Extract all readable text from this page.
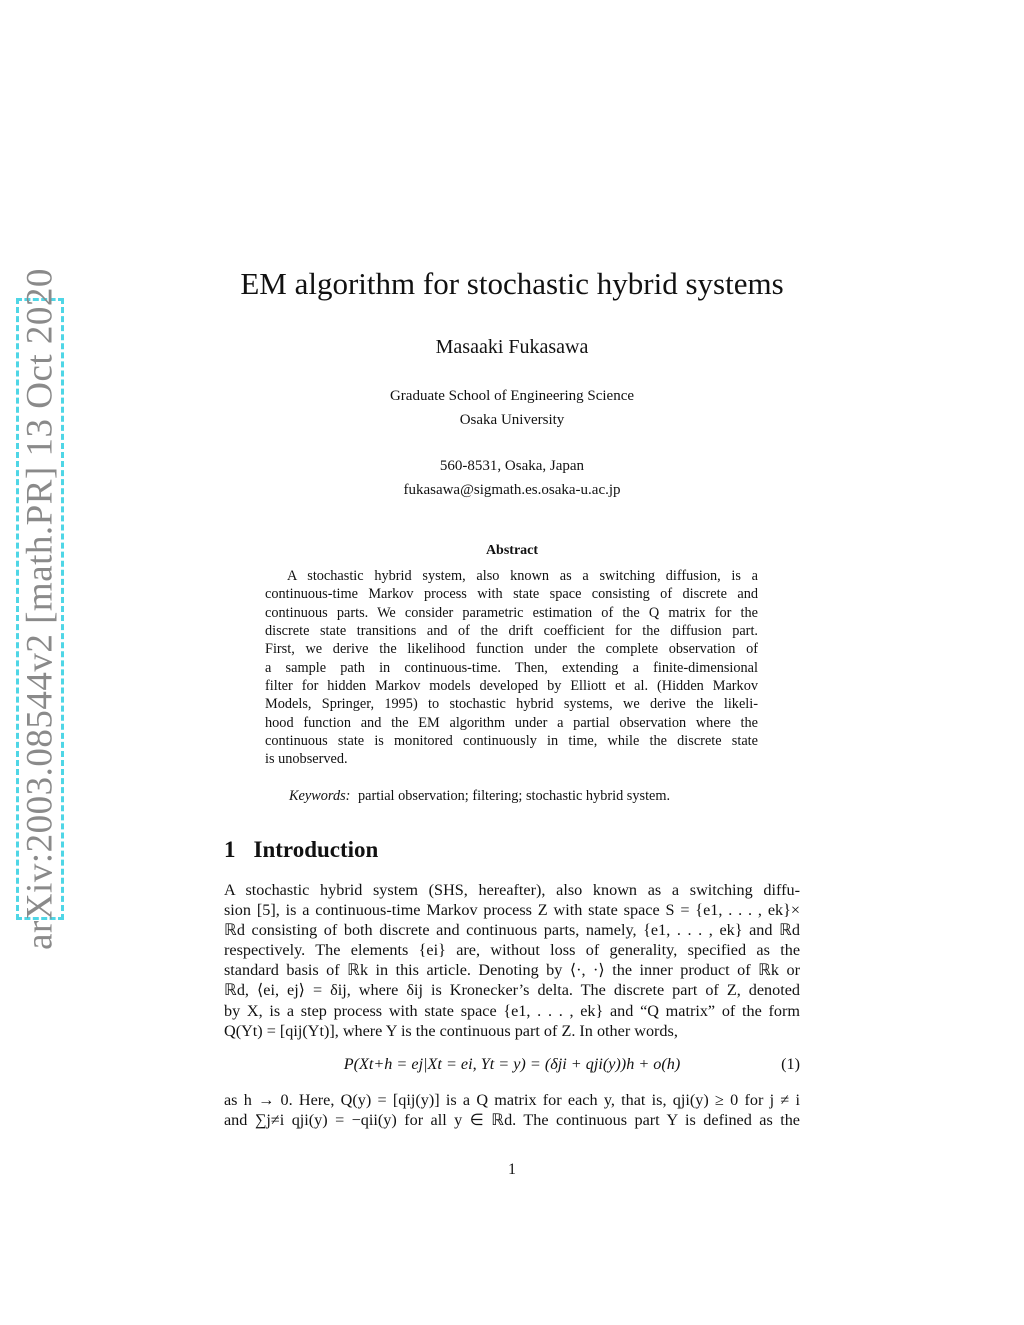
arXiv:2003.08544v2 [math.PR] 13 Oct 2020	EM algorithm for stochastic hybrid systems
Masaaki Fukasawa
Graduate School of Engineering Science
Osaka University
560-8531, Osaka, Japan
fukasawa@sigmath.es.osaka-u.ac.jp
Abstract
A stochastic hybrid system, also known as a switching diffusion, is a
continuous-time Markov process with state space consisting of discrete and
continuous parts. We consider parametric estimation of the Q matrix for the
discrete state transitions and of the drift coefficient for the diffusion part.
First, we derive the likelihood function under the complete observation of
a sample path in continuous-time. Then, extending a finite-dimensional
filter for hidden Markov models developed by Elliott et al. (Hidden Markov
Models, Springer, 1995) to stochastic hybrid systems, we derive the likeli-
hood function and the EM algorithm under a partial observation where the
continuous state is monitored continuously in time, while the discrete state
is unobserved.
Keywords: partial observation; filtering; stochastic hybrid system.
1 Introduction
A stochastic hybrid system (SHS, hereafter), also known as a switching diffu-
sion [5], is a continuous-time Markov process Z with state space S = {e1, . . . , ek}×
ℝd consisting of both discrete and continuous parts, namely, {e1, . . . , ek} and ℝd
respectively. The elements {ei} are, without loss of generality, specified as the
standard basis of ℝk in this article. Denoting by ⟨·, ·⟩ the inner product of ℝk or
ℝd, ⟨ei, ej⟩ = δij, where δij is Kronecker’s delta. The discrete part of Z, denoted
by X, is a step process with state space {e1, . . . , ek} and “Q matrix” of the form
Q(Yt) = [qij(Yt)], where Y is the continuous part of Z. In other words,
P(Xt+h = ej|Xt = ei, Yt = y) = (δji + qji(y))h + o(h)	(1)
as h → 0. Here, Q(y) = [qij(y)] is a Q matrix for each y, that is, qji(y) ≥ 0 for j ≠ i
and ∑j≠i qji(y) = −qii(y) for all y ∈ ℝd. The continuous part Y is defined as the
1
